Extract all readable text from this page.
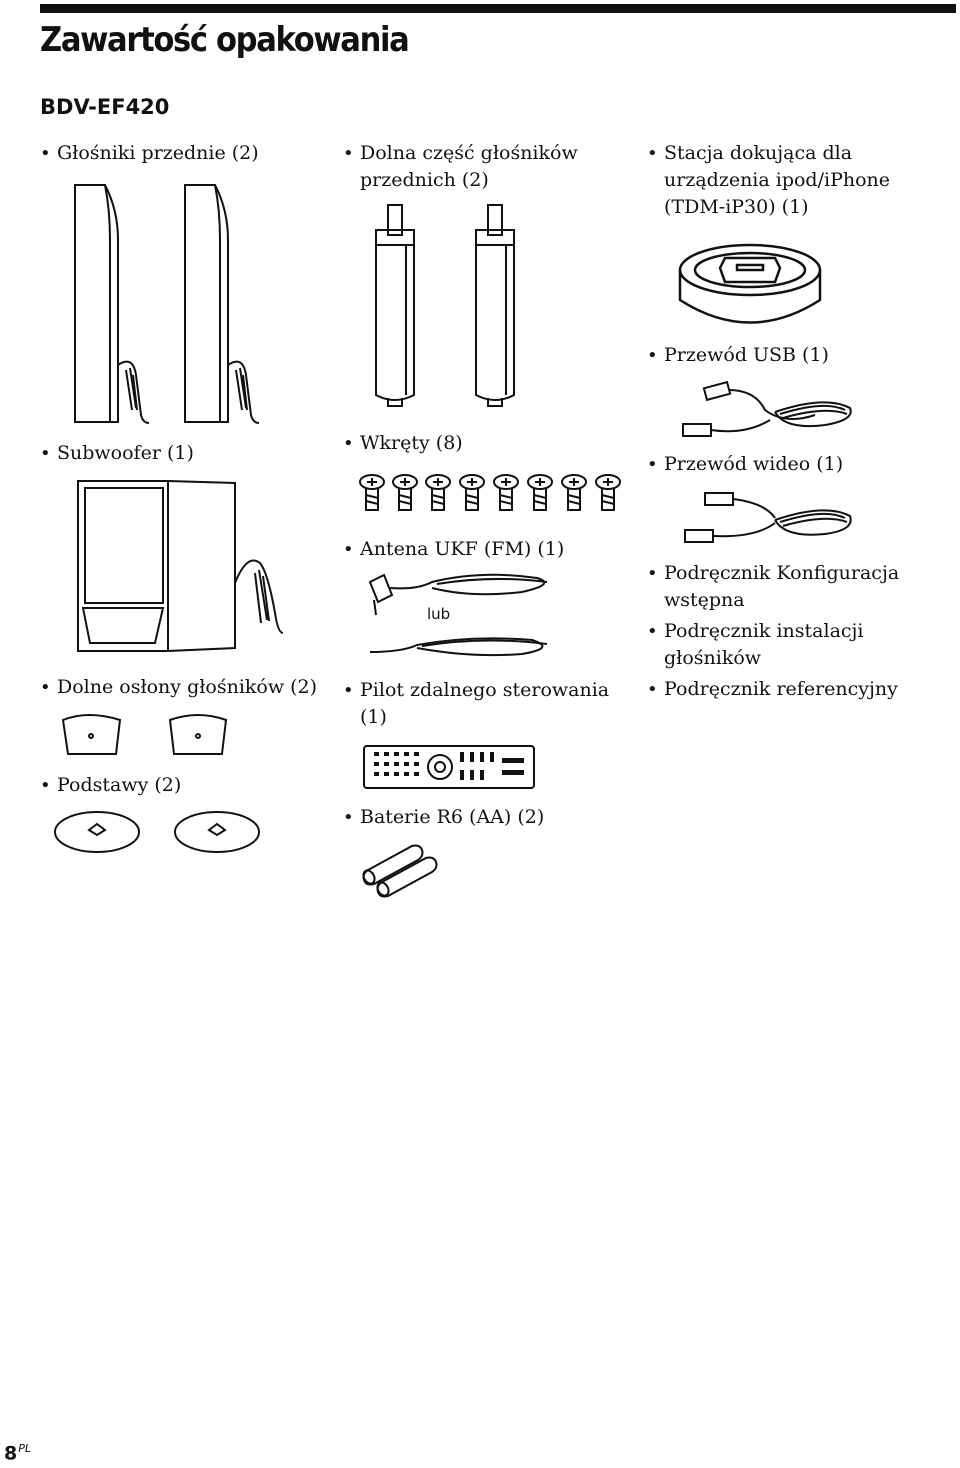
Zawartość opakowania
BDV-EF420
• Głośniki przednie (2)
• Subwoofer (1)
• Dolne osłony głośników (2)
• Podstawy (2)
• Dolna część głośników przednich (2)
• Wkręty (8)
• Antena UKF (FM) (1)
• Pilot zdalnego sterowania (1)
• Baterie R6 (AA) (2)
• Stacja dokująca dla urządzenia ipod/iPhone (TDM-iP30) (1)
• Przewód USB (1)
• Przewód wideo (1)
• Podręcznik Konfiguracja wstępna
• Podręcznik instalacji głośników
• Podręcznik referencyjny
lub
$8^{PL}$
